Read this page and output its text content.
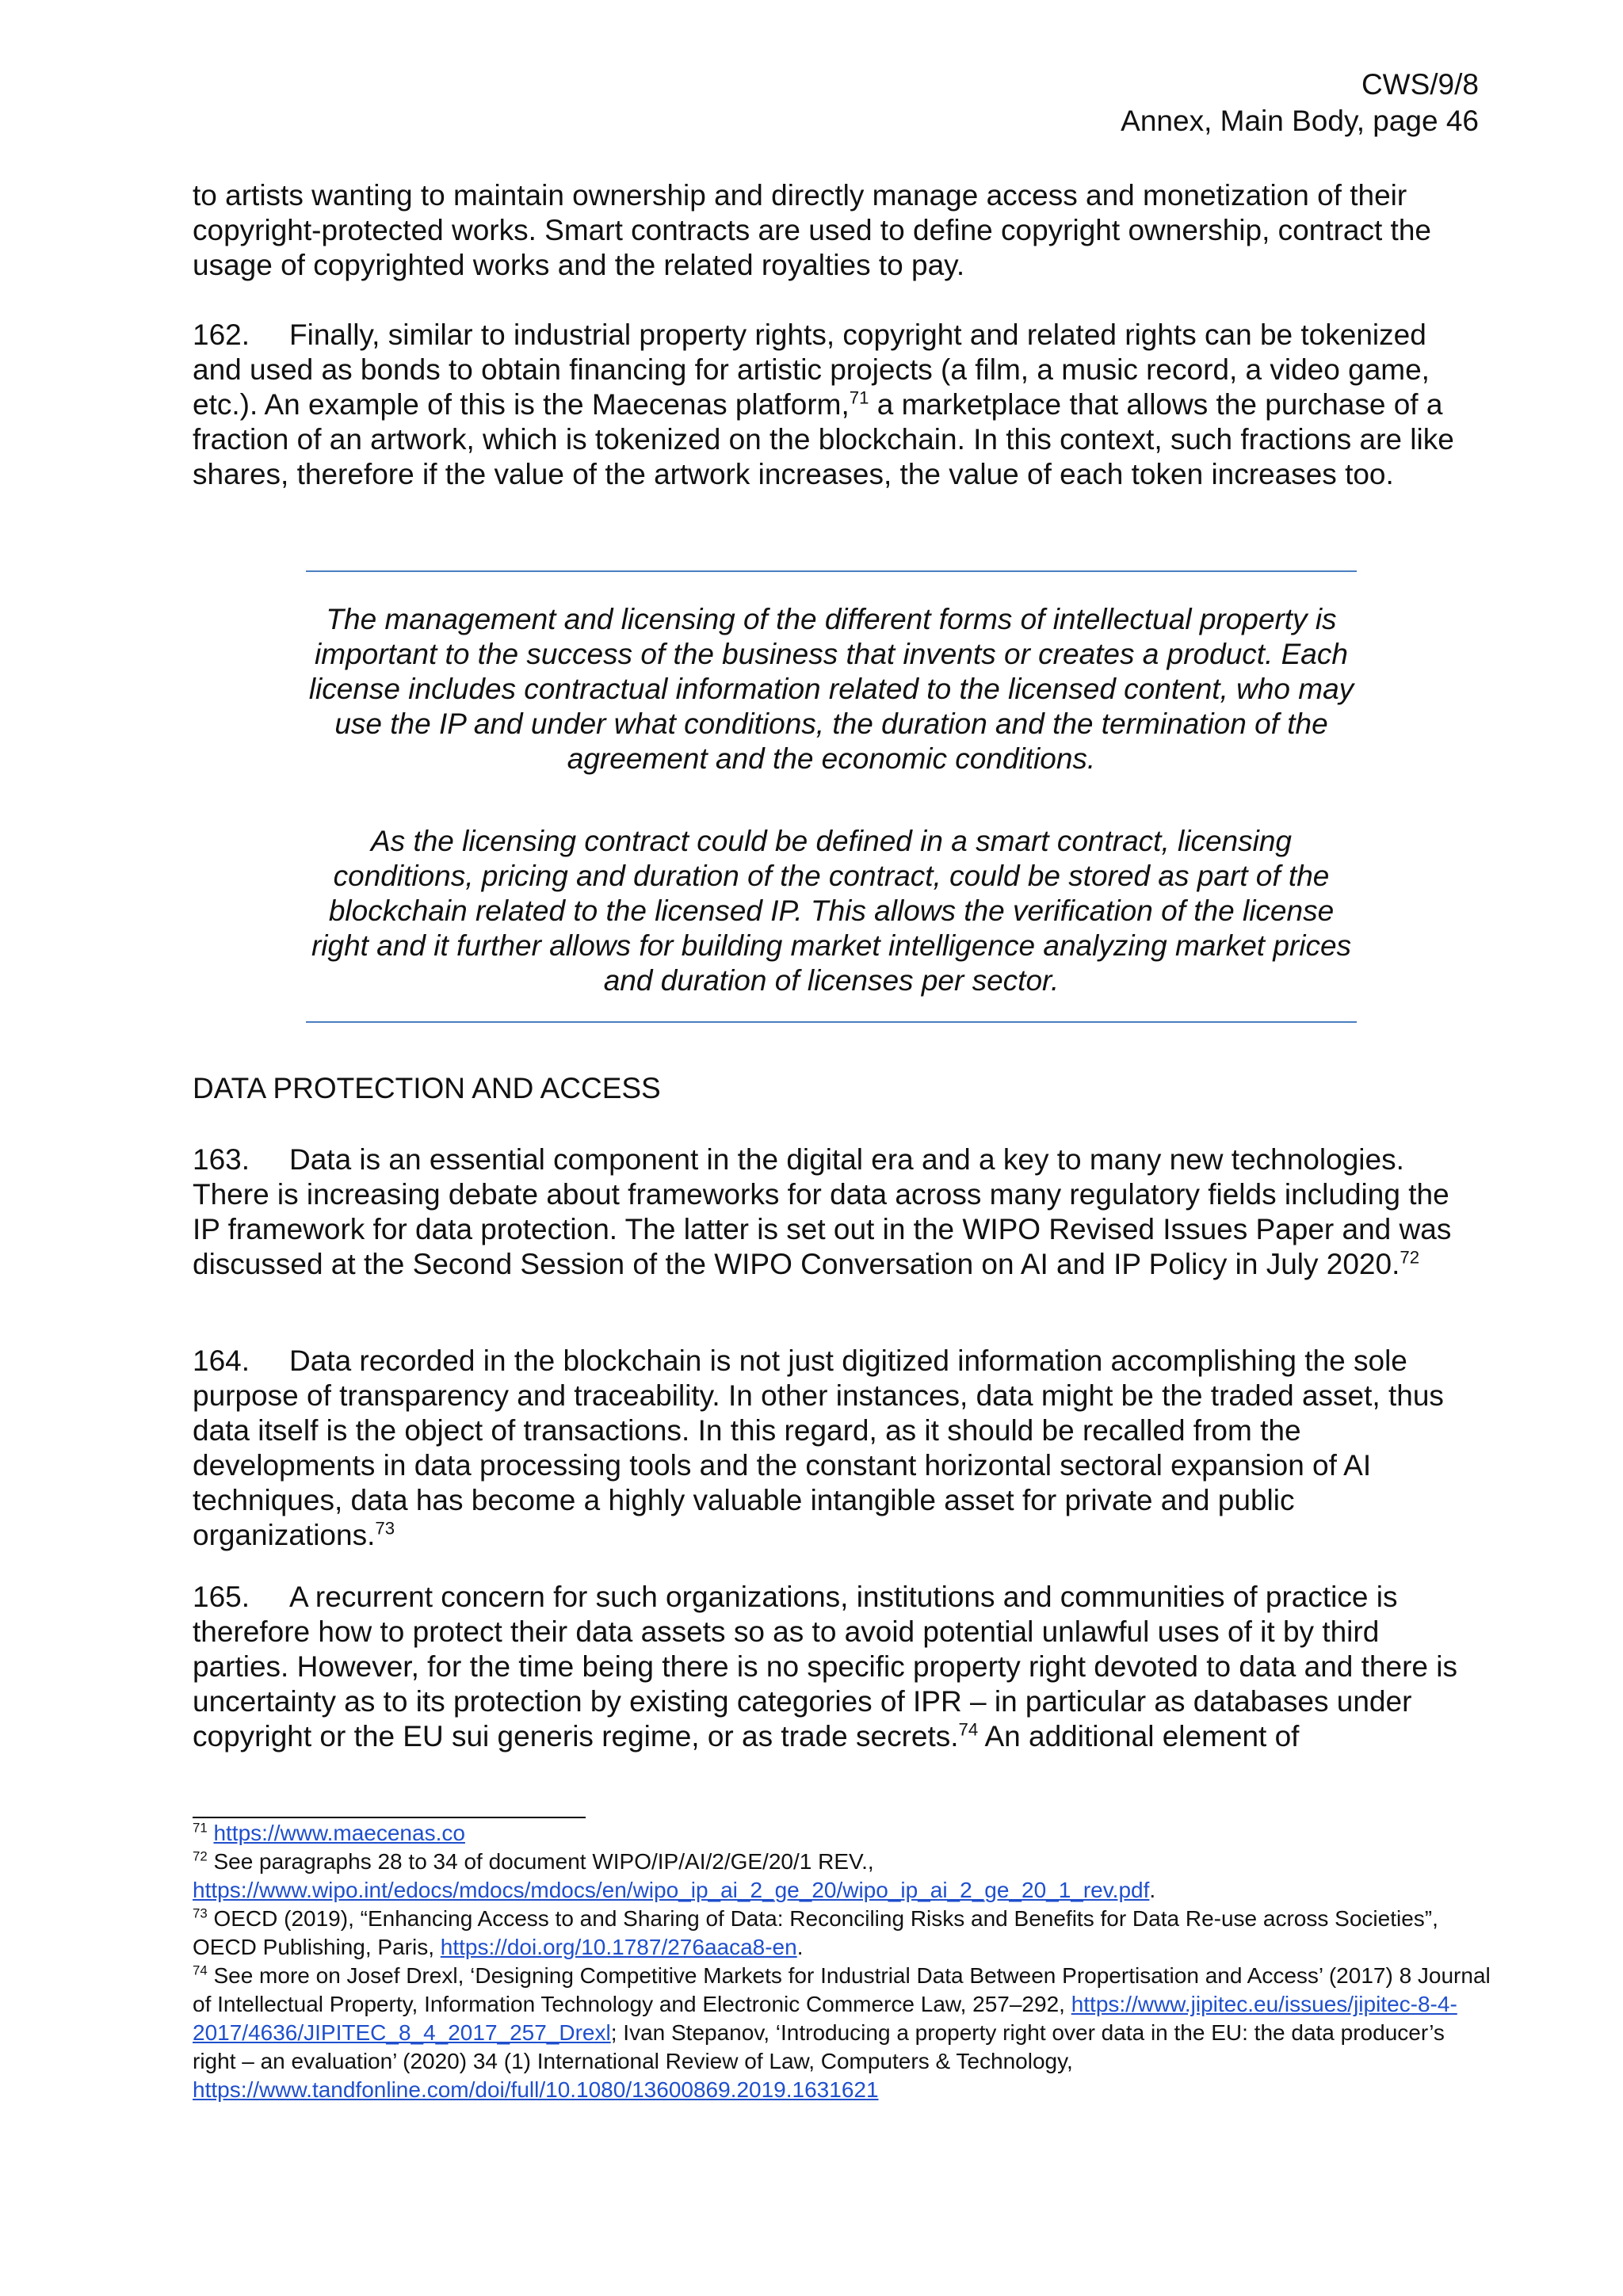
CWS/9/8
Annex, Main Body, page 46

to artists wanting to maintain ownership and directly manage access and monetization of their copyright-protected works. Smart contracts are used to define copyright ownership, contract the usage of copyrighted works and the related royalties to pay.

162. Finally, similar to industrial property rights, copyright and related rights can be tokenized and used as bonds to obtain financing for artistic projects (a film, a music record, a video game, etc.). An example of this is the Maecenas platform,$^{71}$ a marketplace that allows the purchase of a fraction of an artwork, which is tokenized on the blockchain. In this context, such fractions are like shares, therefore if the value of the artwork increases, the value of each token increases too.

The management and licensing of the different forms of intellectual property is important to the success of the business that invents or creates a product. Each license includes contractual information related to the licensed content, who may use the IP and under what conditions, the duration and the termination of the agreement and the economic conditions.

As the licensing contract could be defined in a smart contract, licensing conditions, pricing and duration of the contract, could be stored as part of the blockchain related to the licensed IP. This allows the verification of the license right and it further allows for building market intelligence analyzing market prices and duration of licenses per sector.

DATA PROTECTION AND ACCESS

163. Data is an essential component in the digital era and a key to many new technologies. There is increasing debate about frameworks for data across many regulatory fields including the IP framework for data protection. The latter is set out in the WIPO Revised Issues Paper and was discussed at the Second Session of the WIPO Conversation on AI and IP Policy in July 2020.72

164. Data recorded in the blockchain is not just digitized information accomplishing the sole purpose of transparency and traceability. In other instances, data might be the traded asset, thus data itself is the object of transactions. In this regard, as it should be recalled from the developments in data processing tools and the constant horizontal sectoral expansion of AI techniques, data has become a highly valuable intangible asset for private and public organizations.$^{73}$

165. A recurrent concern for such organizations, institutions and communities of practice is therefore how to protect their data assets so as to avoid potential unlawful uses of it by third parties. However, for the time being there is no specific property right devoted to data and there is uncertainty as to its protection by existing categories of IPR – in particular as databases under copyright or the EU sui generis regime, or as trade secrets.$^{74}$ An additional element of

$^{71}$ https://www.maecenas.co

$^{72}$ See paragraphs 28 to 34 of document WIPO/IP/AI/2/GE/20/1 REV.,
https://www.wipo.int/edocs/mdocs/mdocs/en/wipo_ip_ai_2_ge_20/wipo_ip_ai_2_ge_20_1_rev.pdf.

$^{73}$ OECD (2019), “Enhancing Access to and Sharing of Data: Reconciling Risks and Benefits for Data Re-use across Societies”, OECD Publishing, Paris, https://doi.org/10.1787/276aaca8-en.

$^{74}$ See more on Josef Drexl, ‘Designing Competitive Markets for Industrial Data Between Propertisation and Access’ (2017) 8 Journal of Intellectual Property, Information Technology and Electronic Commerce Law, 257–292, https://www.jipitec.eu/issues/jipitec-8-4-2017/4636/JIPITEC_8_4_2017_257_Drexl; Ivan Stepanov, ‘Introducing a property right over data in the EU: the data producer’s right – an evaluation’ (2020) 34 (1) International Review of Law, Computers & Technology, https://www.tandfonline.com/doi/full/10.1080/13600869.2019.1631621
